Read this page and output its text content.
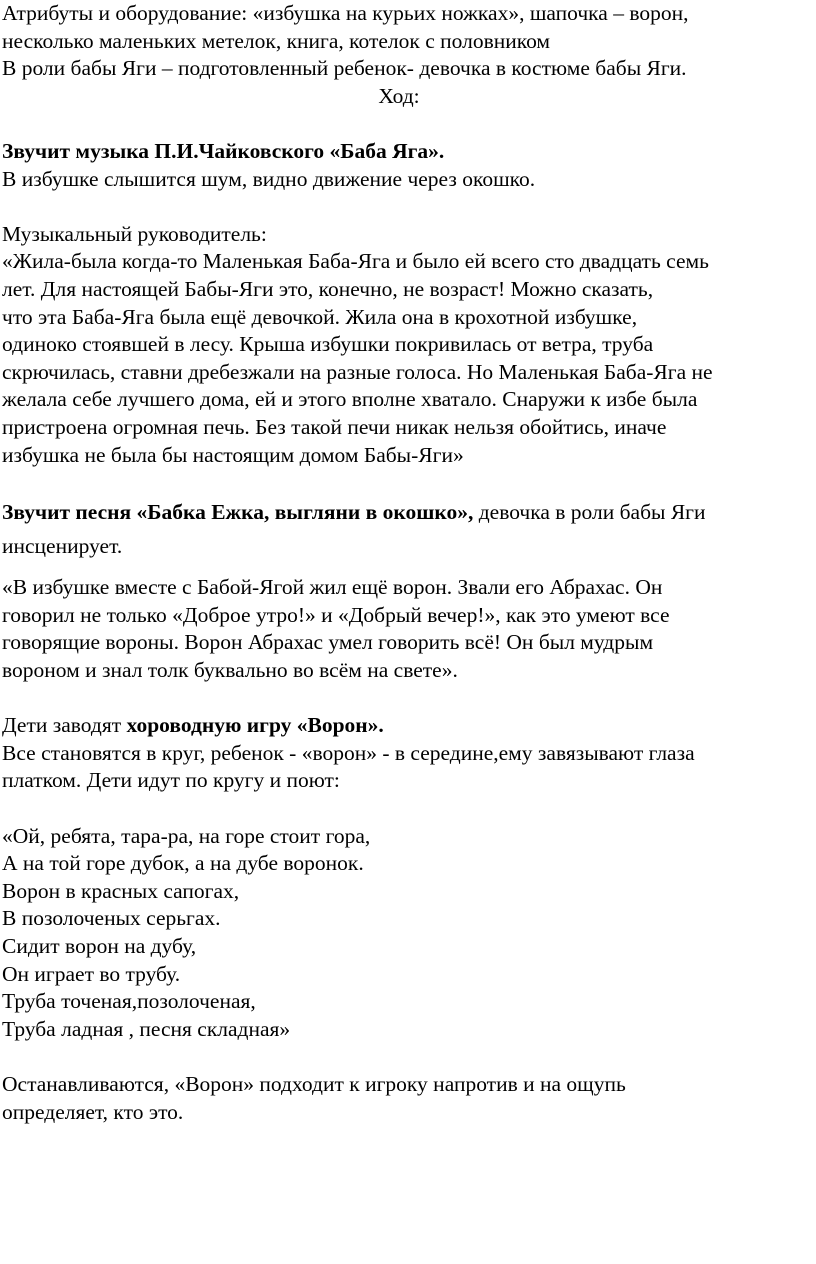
Атрибуты и оборудование: «избушка на курьих ножках», шапочка – ворон,
несколько маленьких метелок, книга, котелок с половником
В роли бабы Яги – подготовленный ребенок- девочка в костюме бабы Яги.
Ход:
Звучит музыка П.И.Чайковского «Баба Яга».
В избушке слышится шум, видно движение через окошко.
Музыкальный руководитель:
«Жила-была когда-то Маленькая Баба-Яга и было ей всего сто двадцать семь
лет. Для настоящей Бабы-Яги это, конечно, не возраст! Можно сказать,
что эта Баба-Яга была ещё девочкой. Жила она в крохотной избушке,
одиноко стоявшей в лесу. Крыша избушки покривилась от ветра, труба
скрючилась, ставни дребезжали на разные голоса. Но Маленькая Баба-Яга не
желала себе лучшего дома, ей и этого вполне хватало. Снаружи к избе была
пристроена огромная печь. Без такой печи никак нельзя обойтись, иначе
избушка не была бы настоящим домом Бабы-Яги»
Звучит песня «Бабка Ежка, выгляни в окошко», девочка в роли бабы Яги
инсценирует.
«В избушке вместе с Бабой-Ягой жил ещё ворон. Звали его Абрахас. Он
говорил не только «Доброе утро!» и «Добрый вечер!», как это умеют все
говорящие вороны. Ворон Абрахас умел говорить всё! Он был мудрым
вороном и знал толк буквально во всём на свете».
Дети заводят хороводную игру «Ворон».
Все становятся в круг, ребенок - «ворон» - в середине,ему завязывают глаза
платком. Дети идут по кругу и поют:
«Ой, ребята, тара-ра, на горе стоит гора,
А на той горе дубок, а на дубе воронок.
Ворон в красных сапогах,
В позолоченых серьгах.
Сидит ворон на дубу,
Он играет во трубу.
Труба точеная,позолоченая,
Труба ладная , песня складная»
Останавливаются, «Ворон» подходит к игроку напротив и на ощупь
определяет, кто это.
